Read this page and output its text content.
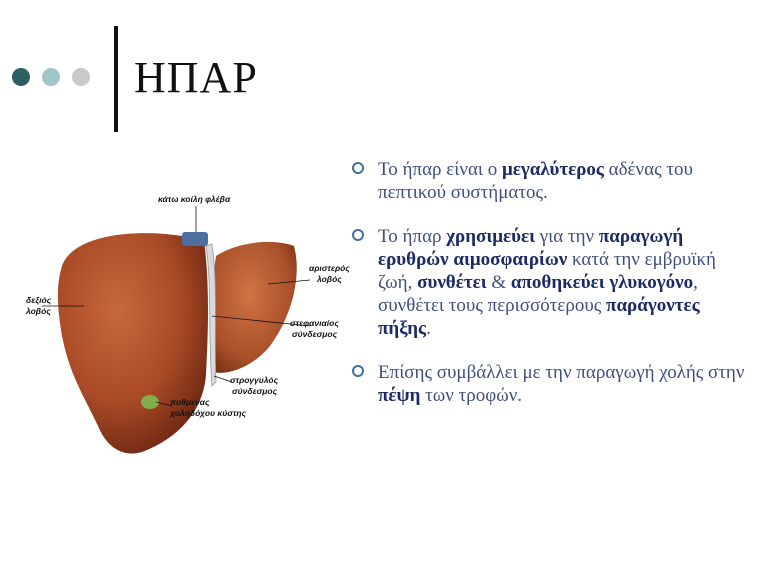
ΗΠΑΡ
κάτω κοίλη φλέβα
αριστερός
λοβός
δεξιός
λοβός
στεφανιαίος
σύνδεσμος
στρογγυλός
σύνδεσμος
πυθμένας
χοληδόχου κύστης
Το ήπαρ είναι ο μεγαλύτερος αδένας του πεπτικού συστήματος.
Το ήπαρ χρησιμεύει για την παραγωγή ερυθρών αιμοσφαιρίων κατά την εμβρυϊκή ζωή, συνθέτει & αποθηκεύει γλυκογόνο, συνθέτει τους περισσότερους παράγοντες πήξης.
Επίσης συμβάλλει με την παραγωγή χολής στην πέψη των τροφών.
